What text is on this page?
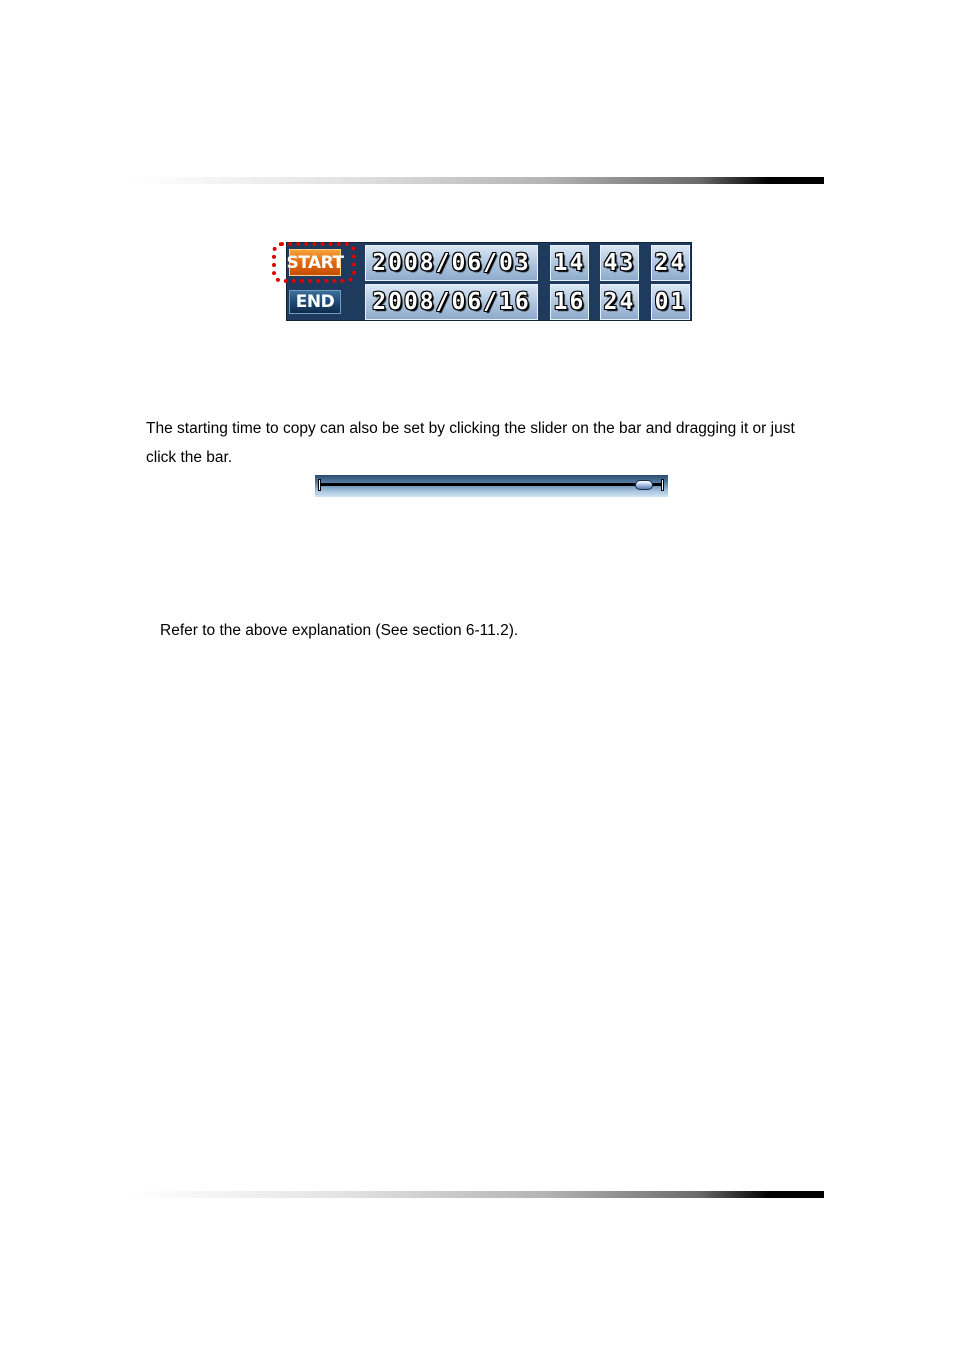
START	2008/06/03 14 43 24
END	2008/06/16 16 24 01

The starting time to copy can also be set by clicking the slider on the bar and dragging it or just click the bar.

Refer to the above explanation (See section 6-11.2).
